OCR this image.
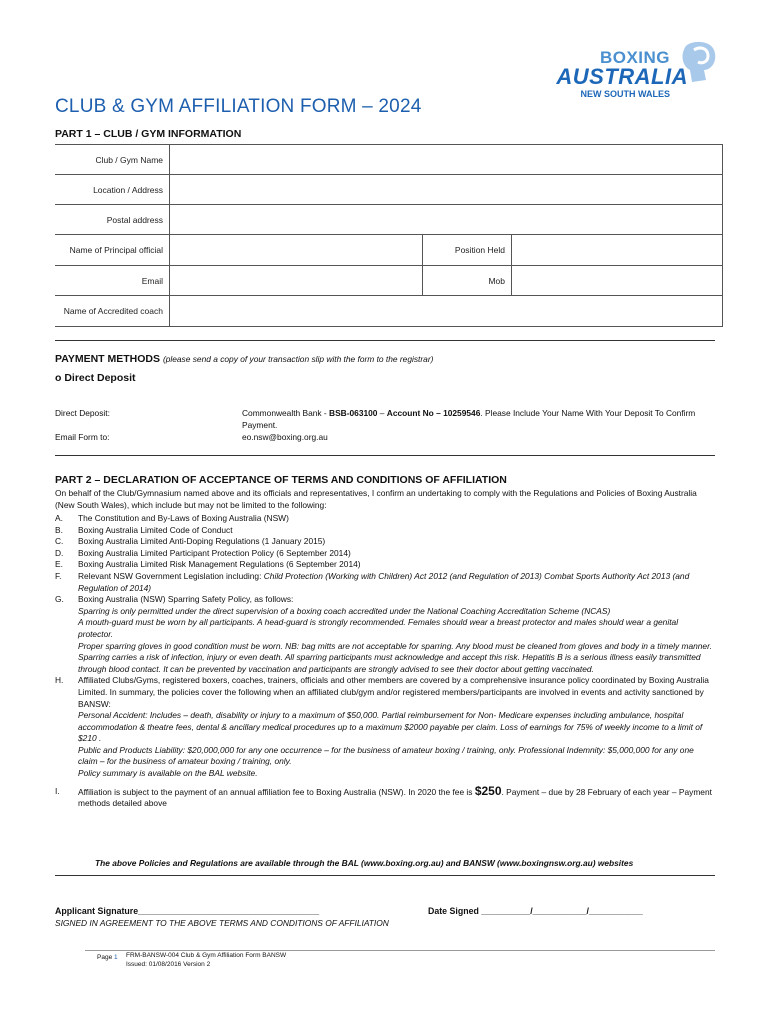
BOXING
AUSTRALIA
NEW SOUTH WALES
CLUB & GYM AFFILIATION FORM – 2024
PART 1 – CLUB / GYM INFORMATION
Club / Gym Name			
Location / Address			
Postal address			
Name of Principal official		Position Held	
Email		Mob	
Name of Accredited coach			
PAYMENT METHODS (please send a copy of your transaction slip with the form to the registrar)
o Direct Deposit
Direct Deposit:	Commonwealth Bank - BSB-063100 – Account No – 10259546. Please Include Your Name With Your Deposit To Confirm Payment.
Email Form to:	eo.nsw@boxing.org.au
PART 2 – DECLARATION OF ACCEPTANCE OF TERMS AND CONDITIONS OF AFFILIATION
On behalf of the Club/Gymnasium named above and its officials and representatives, I confirm an undertaking to comply with the Regulations and Policies of Boxing Australia (New South Wales), which include but may not be limited to the following:
A.	The Constitution and By-Laws of Boxing Australia (NSW)
B.	Boxing Australia Limited Code of Conduct
C.	Boxing Australia Limited Anti-Doping Regulations (1 January 2015)
D.	Boxing Australia Limited Participant Protection Policy (6 September 2014)
E.	Boxing Australia Limited Risk Management Regulations (6 September 2014)
F.	Relevant NSW Government Legislation including: Child Protection (Working with Children) Act 2012 (and Regulation of 2013) Combat Sports Authority Act 2013 (and Regulation of 2014)
G.	Boxing Australia (NSW) Sparring Safety Policy, as follows:
Sparring is only permitted under the direct supervision of a boxing coach accredited under the National Coaching Accreditation Scheme (NCAS)
A mouth-guard must be worn by all participants. A head-guard is strongly recommended. Females should wear a breast protector and males should wear a genital protector.
Proper sparring gloves in good condition must be worn. NB: bag mitts are not acceptable for sparring. Any blood must be cleaned from gloves and body in a timely manner.
Sparring carries a risk of infection, injury or even death. All sparring participants must acknowledge and accept this risk. Hepatitis B is a serious illness easily transmitted through blood contact. It can be prevented by vaccination and participants are strongly advised to see their doctor about getting vaccinated.
H.	Affiliated Clubs/Gyms, registered boxers, coaches, trainers, officials and other members are covered by a comprehensive insurance policy coordinated by Boxing Australia Limited. In summary, the policies cover the following when an affiliated club/gym and/or registered members/participants are involved in events and activity sanctioned by BANSW:
Personal Accident: Includes – death, disability or injury to a maximum of $50,000. Partial reimbursement for Non- Medicare expenses including ambulance, hospital accommodation & theatre fees, dental & ancillary medical procedures up to a maximum $2000 payable per claim. Loss of earnings for 75% of weekly income to a limit of $210 .
Public and Products Liability: $20,000,000 for any one occurrence – for the business of amateur boxing / training, only. Professional Indemnity: $5,000,000 for any one claim – for the business of amateur boxing / training, only.
Policy summary is available on the BAL website.
I.	Affiliation is subject to the payment of an annual affiliation fee to Boxing Australia (NSW). In 2020 the fee is $250. Payment – due by 28 February of each year – Payment methods detailed above
The above Policies and Regulations are available through the BAL (www.boxing.org.au) and BANSW (www.boxingnsw.org.au) websites
Applicant Signature_____________________________________
SIGNED IN AGREEMENT TO THE ABOVE TERMS AND CONDITIONS OF AFFILIATION
Date Signed __________/___________/___________
Page 1 FRM-BANSW-004 Club & Gym Affiliation Form BANSW
Issued: 01/08/2016 Version 2
